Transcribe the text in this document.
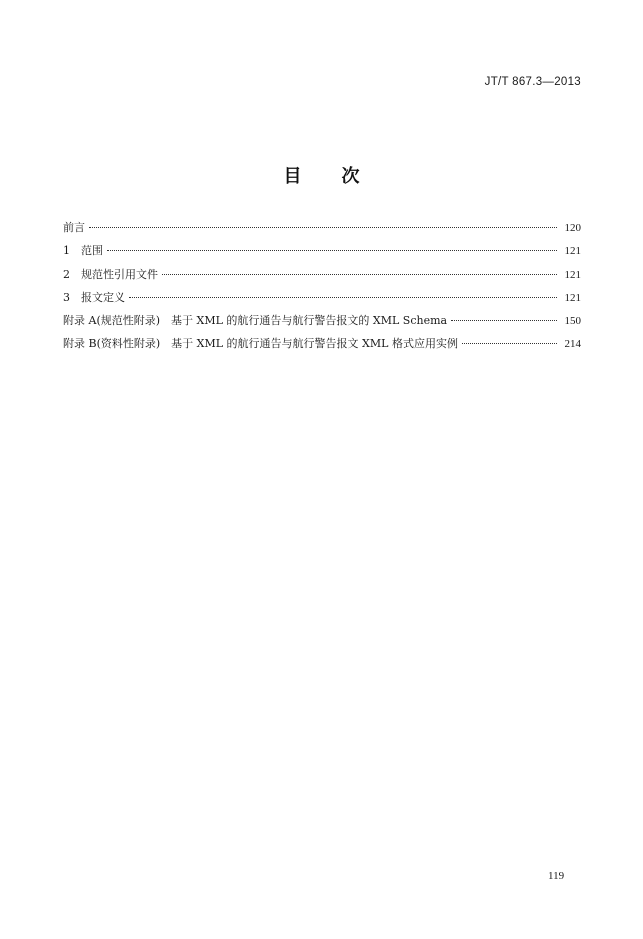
JT/T 867.3—2013
目 次
前言	120
1	范围	121
2	规范性引用文件	121
3	报文定义	121
附录 A(规范性附录)　基于 XML 的航行通告与航行警告报文的 XML Schema	150
附录 B(资料性附录)　基于 XML 的航行通告与航行警告报文 XML 格式应用实例	214
119
